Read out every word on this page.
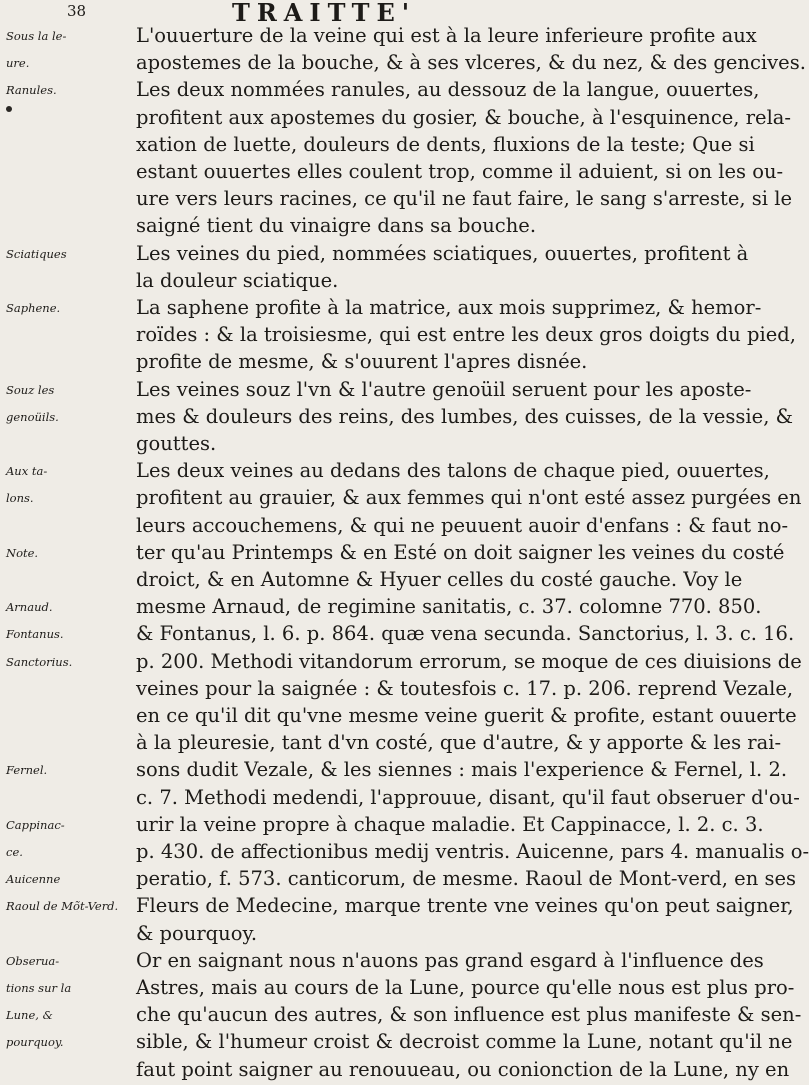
38	TRAITTE'
Sous la le-	L'ouuerture de la veine qui est à la leure inferieure profite aux
ure.	apostemes de la bouche, & à ses vlceres, & du nez, & des gencives.
Ranules.	Les deux nommées ranules, au dessouz de la langue, ouuertes,
profitent aux apostemes du gosier, & bouche, à l'esquinence, rela-
xation de luette, douleurs de dents, fluxions de la teste; Que si
estant ouuertes elles coulent trop, comme il aduient, si on les ou-
ure vers leurs racines, ce qu'il ne faut faire, le sang s'arreste, si le
saigné tient du vinaigre dans sa bouche.
Sciatiques	Les veines du pied, nommées sciatiques, ouuertes, profitent à
la douleur sciatique.
Saphene.	La saphene profite à la matrice, aux mois supprimez, & hemor-
roïdes : & la troisiesme, qui est entre les deux gros doigts du pied,
profite de mesme, & s'ouurent l'apres disnée.
Souz les	Les veines souz l'vn & l'autre genoüil seruent pour les aposte-
genoüils.	mes & douleurs des reins, des lumbes, des cuisses, de la vessie, &
gouttes.
Aux ta-	Les deux veines au dedans des talons de chaque pied, ouuertes,
lons.	profitent au grauier, & aux femmes qui n'ont esté assez purgées en
leurs accouchemens, & qui ne peuuent auoir d'enfans : & faut no-
Note.	ter qu'au Printemps & en Esté on doit saigner les veines du costé
droict, & en Automne & Hyuer celles du costé gauche. Voy le
Arnaud.	mesme Arnaud, de regimine sanitatis, c. 37. colomne 770. 850.
Fontanus.	& Fontanus, l. 6. p. 864. quæ vena secunda. Sanctorius, l. 3. c. 16.
Sanctorius.	p. 200. Methodi vitandorum errorum, se moque de ces diuisions de
veines pour la saignée : & toutesfois c. 17. p. 206. reprend Vezale,
en ce qu'il dit qu'vne mesme veine guerit & profite, estant ouuerte
à la pleuresie, tant d'vn costé, que d'autre, & y apporte & les rai-
Fernel.	sons dudit Vezale, & les siennes : mais l'experience & Fernel, l. 2.
c. 7. Methodi medendi, l'approuue, disant, qu'il faut obseruer d'ou-
Cappinac-	urir la veine propre à chaque maladie. Et Cappinacce, l. 2. c. 3.
ce.	p. 430. de affectionibus medij ventris. Auicenne, pars 4. manualis o-
Auicenne	peratio, f. 573. canticorum, de mesme. Raoul de Mont-verd, en ses
Raoul de Mõt-Verd. Fleurs de Medecine, marque trente vne veines qu'on peut saigner,
& pourquoy.
Obserua-	Or en saignant nous n'auons pas grand esgard à l'influence des
tions sur la	Astres, mais au cours de la Lune, pource qu'elle nous est plus pro-
Lune, &	che qu'aucun des autres, & son influence est plus manifeste & sen-
pourquoy.	sible, & l'humeur croist & decroist comme la Lune, notant qu'il ne
faut point saigner au renouueau, ou conionction de la Lune, ny en
